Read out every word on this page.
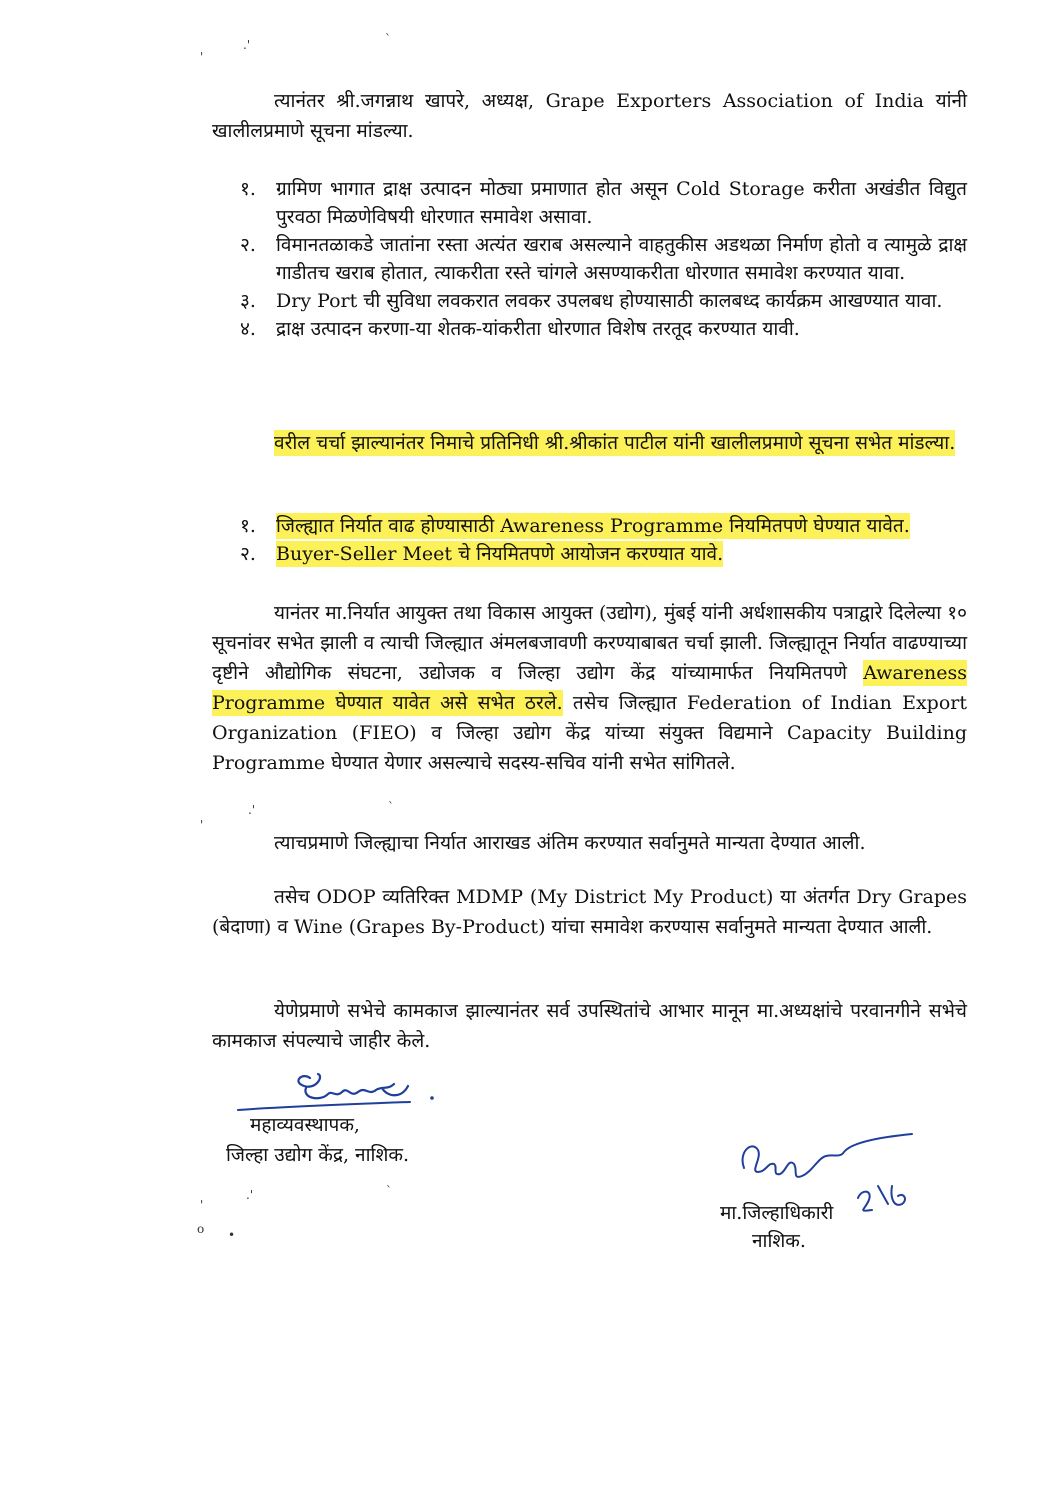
.'	`
'
त्यानंतर श्री.जगन्नाथ खापरे, अध्यक्ष, Grape Exporters Association of India यांनी खालीलप्रमाणे सूचना मांडल्या.
१. ग्रामिण भागात द्राक्ष उत्पादन मोठ्या प्रमाणात होत असून Cold Storage करीता अखंडीत विद्युत पुरवठा मिळणेविषयी धोरणात समावेश असावा.
२. विमानतळाकडे जातांना रस्ता अत्यंत खराब असल्याने वाहतुकीस अडथळा निर्माण होतो व त्यामुळे द्राक्ष गाडीतच खराब होतात, त्याकरीता रस्ते चांगले असण्याकरीता धोरणात समावेश करण्यात यावा.
३. Dry Port ची सुविधा लवकरात लवकर उपलबध होण्यासाठी कालबध्द कार्यक्रम आखण्यात यावा.
४. द्राक्ष उत्पादन करणा-या शेतक-यांकरीता धोरणात विशेष तरतूद करण्यात यावी.
वरील चर्चा झाल्यानंतर निमाचे प्रतिनिधी श्री.श्रीकांत पाटील यांनी खालीलप्रमाणे सूचना सभेत मांडल्या.
१. जिल्ह्यात निर्यात वाढ होण्यासाठी Awareness Programme नियमितपणे घेण्यात यावेत.
२. Buyer-Seller Meet चे नियमितपणे आयोजन करण्यात यावे.
यानंतर मा.निर्यात आयुक्त तथा विकास आयुक्त (उद्योग), मुंबई यांनी अर्धशासकीय पत्राद्वारे दिलेल्या १० सूचनांवर सभेत झाली व त्याची जिल्ह्यात अंमलबजावणी करण्याबाबत चर्चा झाली. जिल्ह्यातून निर्यात वाढण्याच्या दृष्टीने औद्योगिक संघटना, उद्योजक व जिल्हा उद्योग केंद्र यांच्यामार्फत नियमितपणे Awareness Programme घेण्यात यावेत असे सभेत ठरले. तसेच जिल्ह्यात Federation of Indian Export Organization (FIEO) व जिल्हा उद्योग केंद्र यांच्या संयुक्त विद्यमाने Capacity Building Programme घेण्यात येणार असल्याचे सदस्य-सचिव यांनी सभेत सांगितले.
.'	`
'
त्याचप्रमाणे जिल्ह्याचा निर्यात आराखड अंतिम करण्यात सर्वानुमते मान्यता देण्यात आली.
तसेच ODOP व्यतिरिक्त MDMP (My District My Product) या अंतर्गत Dry Grapes (बेदाणा) व Wine (Grapes By-Product) यांचा समावेश करण्यास सर्वानुमते मान्यता देण्यात आली.
येणेप्रमाणे सभेचे कामकाज झाल्यानंतर सर्व उपस्थितांचे आभार मानून मा.अध्यक्षांचे परवानगीने सभेचे कामकाज संपल्याचे जाहीर केले.
महाव्यवस्थापक,
जिल्हा उद्योग केंद्र, नाशिक.
मा.जिल्हाधिकारी
नाशिक.
.'	`
'
o •
